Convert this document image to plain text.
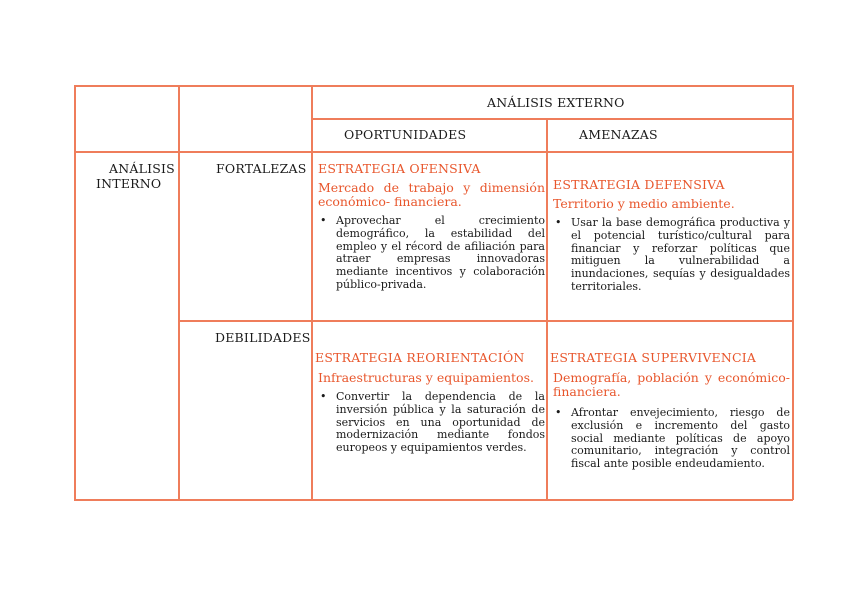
ANÁLISIS EXTERNO
OPORTUNIDADES	AMENAZAS
ANÁLISIS
INTERNO
FORTALEZAS
DEBILIDADES
ESTRATEGIA OFENSIVA
Mercado de trabajo y dimensión económico- financiera.
• Aprovechar el crecimiento demográfico, la estabilidad del empleo y el récord de afiliación para atraer empresas innovadoras mediante incentivos y colaboración público-privada.
ESTRATEGIA DEFENSIVA
Territorio y medio ambiente.
• Usar la base demográfica productiva y el potencial turístico/cultural para financiar y reforzar políticas que mitiguen la vulnerabilidad a inundaciones, sequías y desigualdades territoriales.
ESTRATEGIA REORIENTACIÓN
Infraestructuras y equipamientos.
• Convertir la dependencia de la inversión pública y la saturación de servicios en una oportunidad de modernización mediante fondos europeos y equipamientos verdes.
ESTRATEGIA SUPERVIVENCIA
Demografía, población y económico-financiera.
• Afrontar envejecimiento, riesgo de exclusión e incremento del gasto social mediante políticas de apoyo comunitario, integración y control fiscal ante posible endeudamiento.
